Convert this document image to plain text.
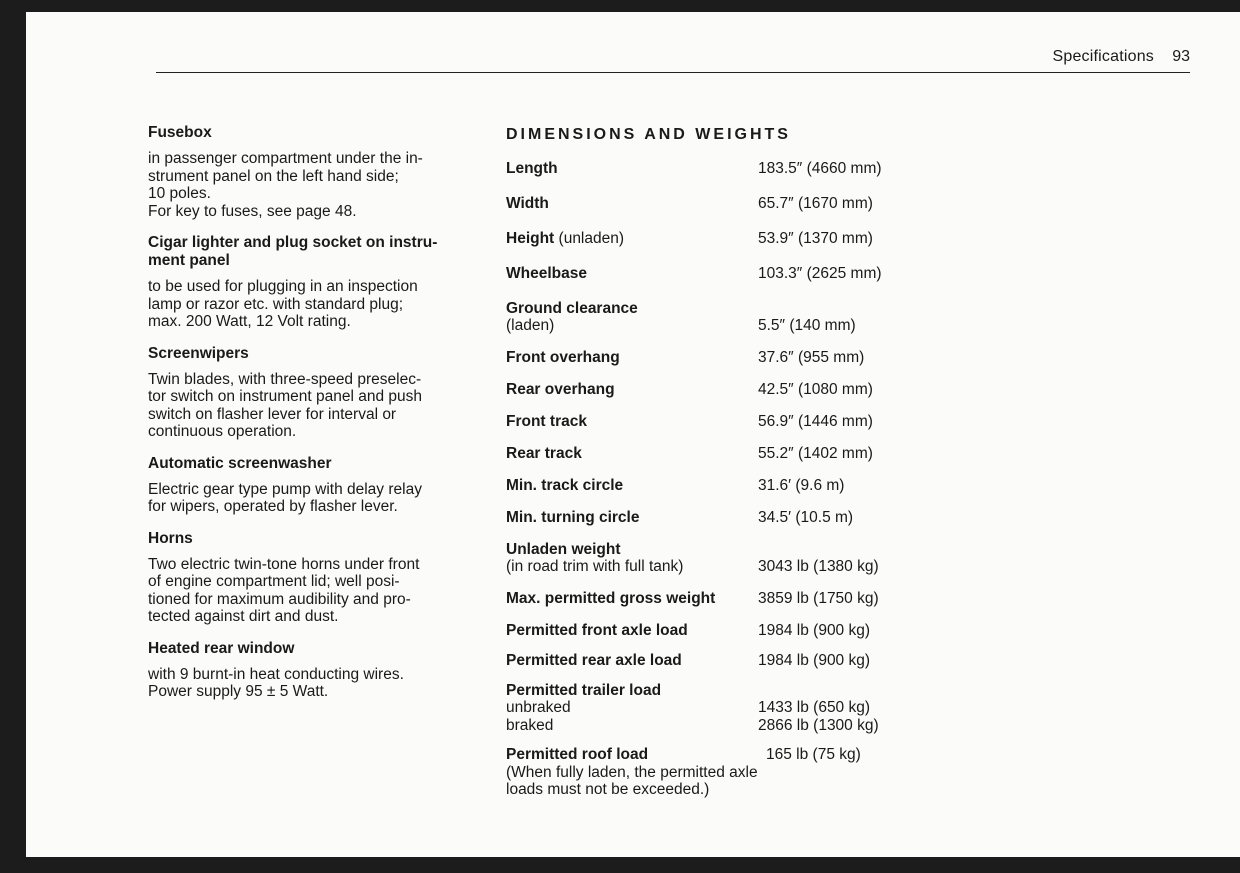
Specifications 93
Fusebox
in passenger compartment under the in-
strument panel on the left hand side;
10 poles.
For key to fuses, see page 48.
Cigar lighter and plug socket on instru- ment panel
to be used for plugging in an inspection
lamp or razor etc. with standard plug;
max. 200 Watt, 12 Volt rating.
Screenwipers
Twin blades, with three-speed preselec-
tor switch on instrument panel and push
switch on flasher lever for interval or
continuous operation.
Automatic screenwasher
Electric gear type pump with delay relay
for wipers, operated by flasher lever.
Horns
Two electric twin-tone horns under front
of engine compartment lid; well posi-
tioned for maximum audibility and pro-
tected against dirt and dust.
Heated rear window
with 9 burnt-in heat conducting wires.
Power supply 95 ± 5 Watt.
DIMENSIONS AND WEIGHTS
Length	183.5″ (4660 mm)
Width	65.7″ (1670 mm)
Height (unladen)	53.9″ (1370 mm)
Wheelbase	103.3″ (2625 mm)
Ground clearance
(laden)	5.5″ (140 mm)
Front overhang	37.6″ (955 mm)
Rear overhang	42.5″ (1080 mm)
Front track	56.9″ (1446 mm)
Rear track	55.2″ (1402 mm)
Min. track circle	31.6′ (9.6 m)
Min. turning circle	34.5′ (10.5 m)
Unladen weight
(in road trim with full tank)	3043 lb (1380 kg)
Max. permitted gross weight	3859 lb (1750 kg)
Permitted front axle load	1984 lb (900 kg)
Permitted rear axle load	1984 lb (900 kg)
Permitted trailer load
unbraked	1433 lb (650 kg)
braked	2866 lb (1300 kg)
Permitted roof load	165 lb (75 kg)
(When fully laden, the permitted axle
loads must not be exceeded.)
